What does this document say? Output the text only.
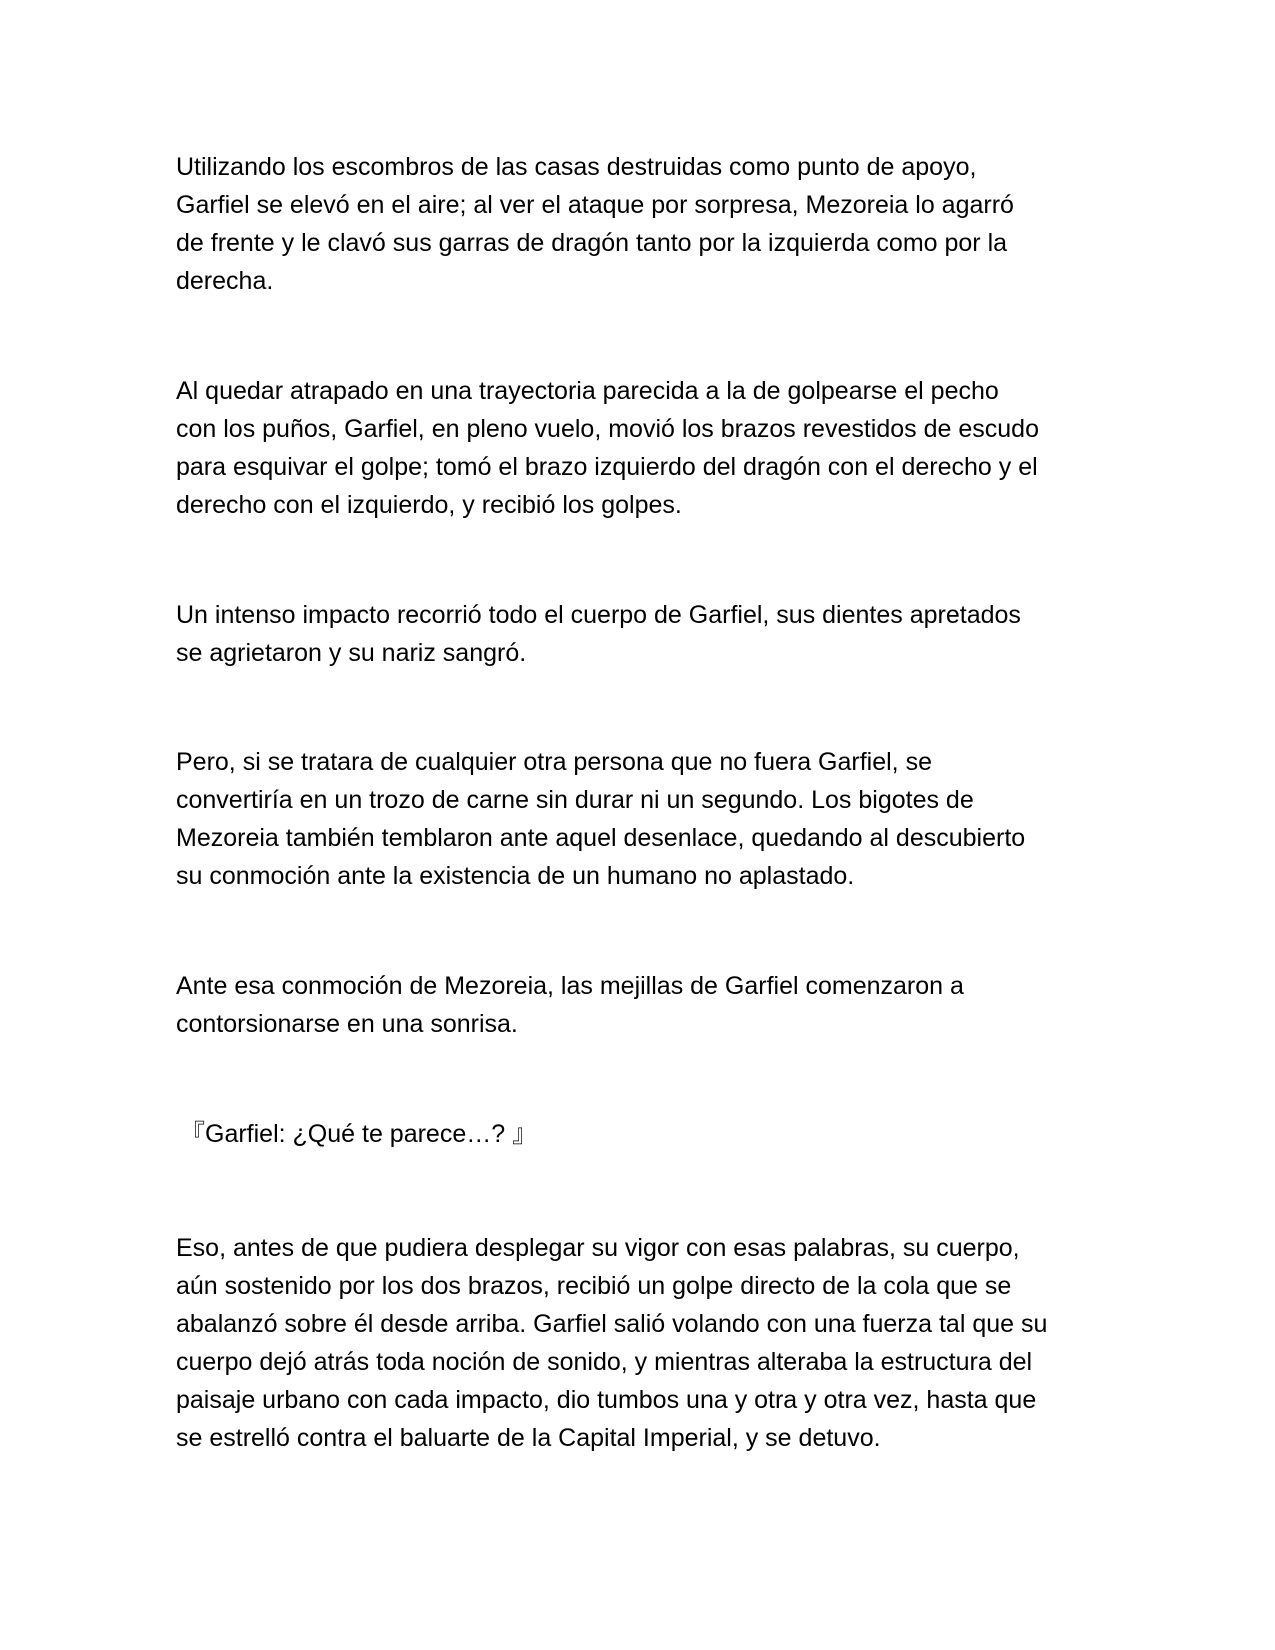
Utilizando los escombros de las casas destruidas como punto de apoyo,
Garfiel se elevó en el aire; al ver el ataque por sorpresa, Mezoreia lo agarró
de frente y le clavó sus garras de dragón tanto por la izquierda como por la
derecha.

Al quedar atrapado en una trayectoria parecida a la de golpearse el pecho
con los puños, Garfiel, en pleno vuelo, movió los brazos revestidos de escudo
para esquivar el golpe; tomó el brazo izquierdo del dragón con el derecho y el
derecho con el izquierdo, y recibió los golpes.

Un intenso impacto recorrió todo el cuerpo de Garfiel, sus dientes apretados
se agrietaron y su nariz sangró.

Pero, si se tratara de cualquier otra persona que no fuera Garfiel, se
convertiría en un trozo de carne sin durar ni un segundo. Los bigotes de
Mezoreia también temblaron ante aquel desenlace, quedando al descubierto
su conmoción ante la existencia de un humano no aplastado.

Ante esa conmoción de Mezoreia, las mejillas de Garfiel comenzaron a
contorsionarse en una sonrisa.

『Garfiel: ¿Qué te parece…? 』

Eso, antes de que pudiera desplegar su vigor con esas palabras, su cuerpo,
aún sostenido por los dos brazos, recibió un golpe directo de la cola que se
abalanzó sobre él desde arriba. Garfiel salió volando con una fuerza tal que su
cuerpo dejó atrás toda noción de sonido, y mientras alteraba la estructura del
paisaje urbano con cada impacto, dio tumbos una y otra y otra vez, hasta que
se estrelló contra el baluarte de la Capital Imperial, y se detuvo.
